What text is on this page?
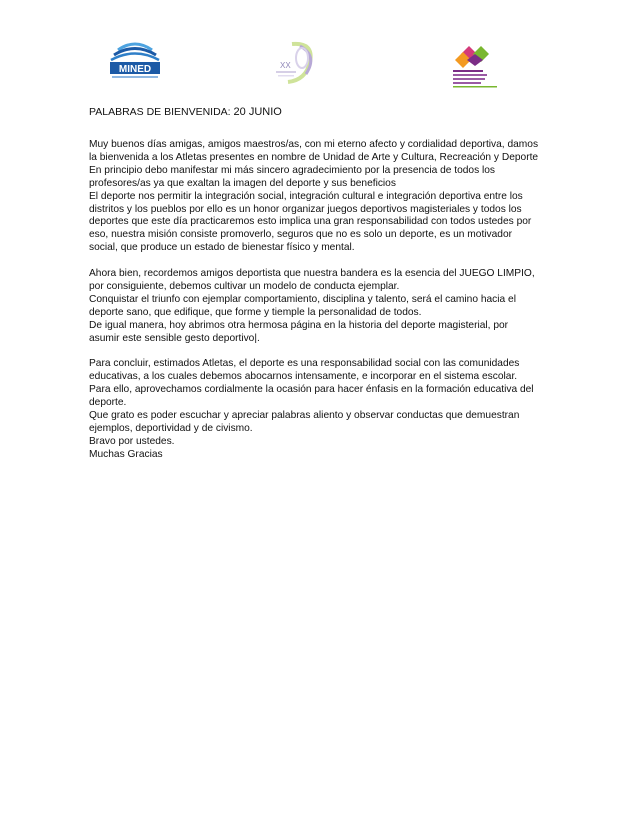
MINED	XX
PALABRAS DE BIENVENIDA: 20 JUNIO

Muy buenos días amigas, amigos maestros/as, con mi eterno afecto y cordialidad deportiva, damos
la bienvenida a los Atletas presentes en nombre de Unidad de Arte y Cultura, Recreación y Deporte
En principio debo manifestar mi más sincero agradecimiento por la presencia de todos los
profesores/as ya que exaltan la imagen del deporte y sus beneficios
El deporte nos permitir la integración social, integración cultural e integración deportiva entre los
distritos y los pueblos por ello es un honor organizar juegos deportivos magisteriales y todos los
deportes que este día practicaremos esto implica una gran responsabilidad con todos ustedes por
eso, nuestra misión consiste promoverlo, seguros que no es solo un deporte, es un motivador
social, que produce un estado de bienestar físico y mental.

Ahora bien, recordemos amigos deportista que nuestra bandera es la esencia del JUEGO LIMPIO,
por consiguiente, debemos cultivar un modelo de conducta ejemplar.
Conquistar el triunfo con ejemplar comportamiento, disciplina y talento, será el camino hacia el
deporte sano, que edifique, que forme y tiemple la personalidad de todos.
De igual manera, hoy abrimos otra hermosa página en la historia del deporte magisterial, por
asumir este sensible gesto deportivo|.

Para concluir, estimados Atletas, el deporte es una responsabilidad social con las comunidades
educativas, a los cuales debemos abocarnos intensamente, e incorporar en el sistema escolar.
Para ello, aprovechamos cordialmente la ocasión para hacer énfasis en la formación educativa del
deporte.
Que grato es poder escuchar y apreciar palabras aliento y observar conductas que demuestran
ejemplos, deportividad y de civismo.
Bravo por ustedes.
Muchas Gracias
